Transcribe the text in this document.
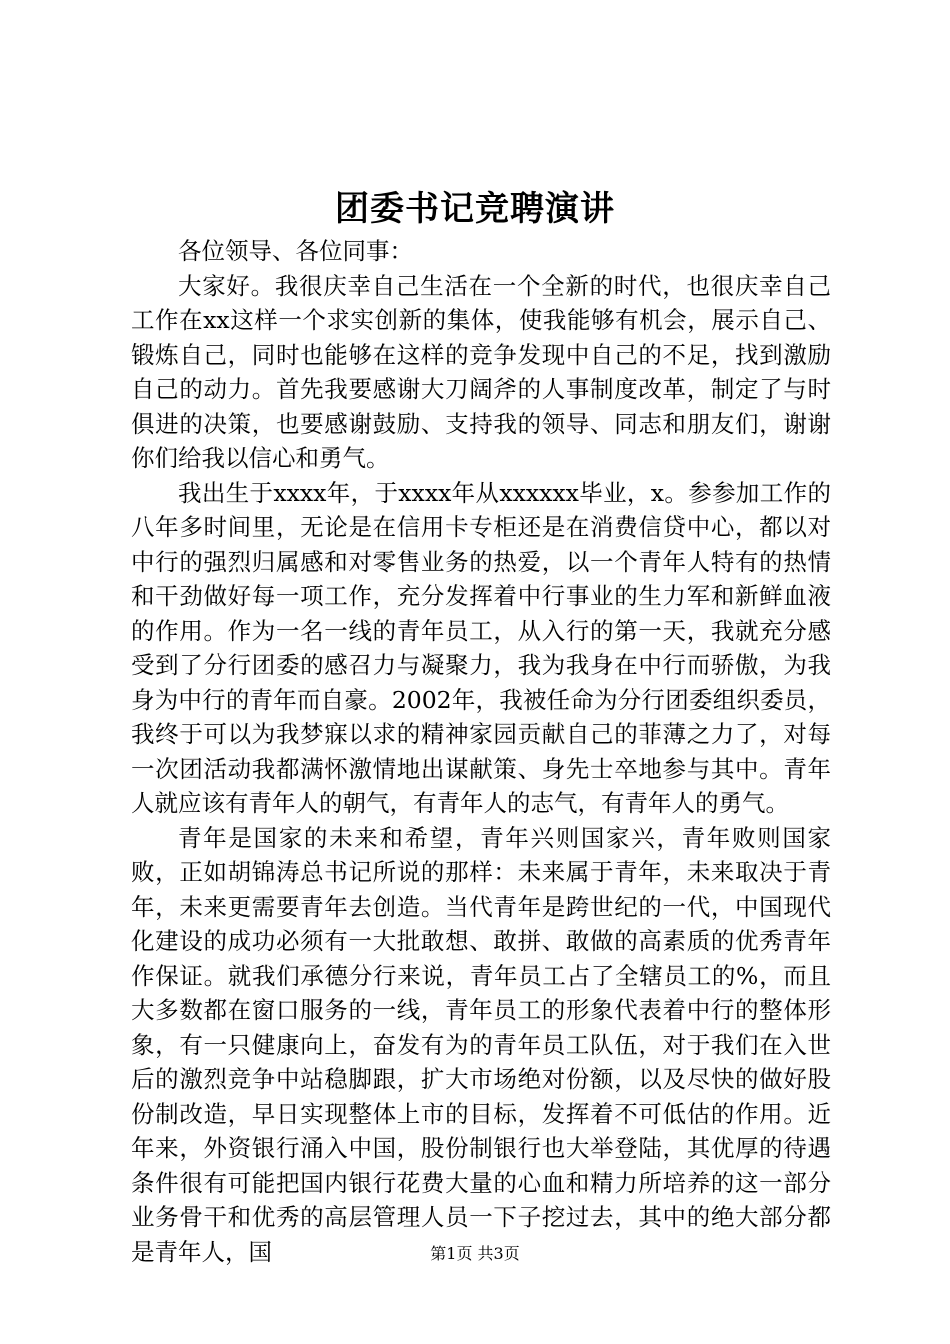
团委书记竞聘演讲

各位领导、各位同事：

大家好。我很庆幸自己生活在一个全新的时代，也很庆幸自己工作在xx这样一个求实创新的集体，使我能够有机会，展示自己、锻炼自己，同时也能够在这样的竞争发现中自己的不足，找到激励自己的动力。首先我要感谢大刀阔斧的人事制度改革，制定了与时俱进的决策，也要感谢鼓励、支持我的领导、同志和朋友们，谢谢你们给我以信心和勇气。

我出生于xxxx年，于xxxx年从xxxxxx毕业，x。参参加工作的八年多时间里，无论是在信用卡专柜还是在消费信贷中心，都以对中行的强烈归属感和对零售业务的热爱，以一个青年人特有的热情和干劲做好每一项工作，充分发挥着中行事业的生力军和新鲜血液的作用。作为一名一线的青年员工，从入行的第一天，我就充分感受到了分行团委的感召力与凝聚力，我为我身在中行而骄傲，为我身为中行的青年而自豪。2002年，我被任命为分行团委组织委员，我终于可以为我梦寐以求的精神家园贡献自己的菲薄之力了，对每一次团活动我都满怀激情地出谋献策、身先士卒地参与其中。青年人就应该有青年人的朝气，有青年人的志气，有青年人的勇气。

青年是国家的未来和希望，青年兴则国家兴，青年败则国家败，正如胡锦涛总书记所说的那样：未来属于青年，未来取决于青年，未来更需要青年去创造。当代青年是跨世纪的一代，中国现代化建设的成功必须有一大批敢想、敢拼、敢做的高素质的优秀青年作保证。就我们承德分行来说，青年员工占了全辖员工的%，而且大多数都在窗口服务的一线，青年员工的形象代表着中行的整体形象，有一只健康向上，奋发有为的青年员工队伍，对于我们在入世后的激烈竞争中站稳脚跟，扩大市场绝对份额，以及尽快的做好股份制改造，早日实现整体上市的目标，发挥着不可低估的作用。近年来，外资银行涌入中国，股份制银行也大举登陆，其优厚的待遇条件很有可能把国内银行花费大量的心血和精力所培养的这一部分业务骨干和优秀的高层管理人员一下子挖过去，其中的绝大部分都是青年人，国	第1页 共3页
